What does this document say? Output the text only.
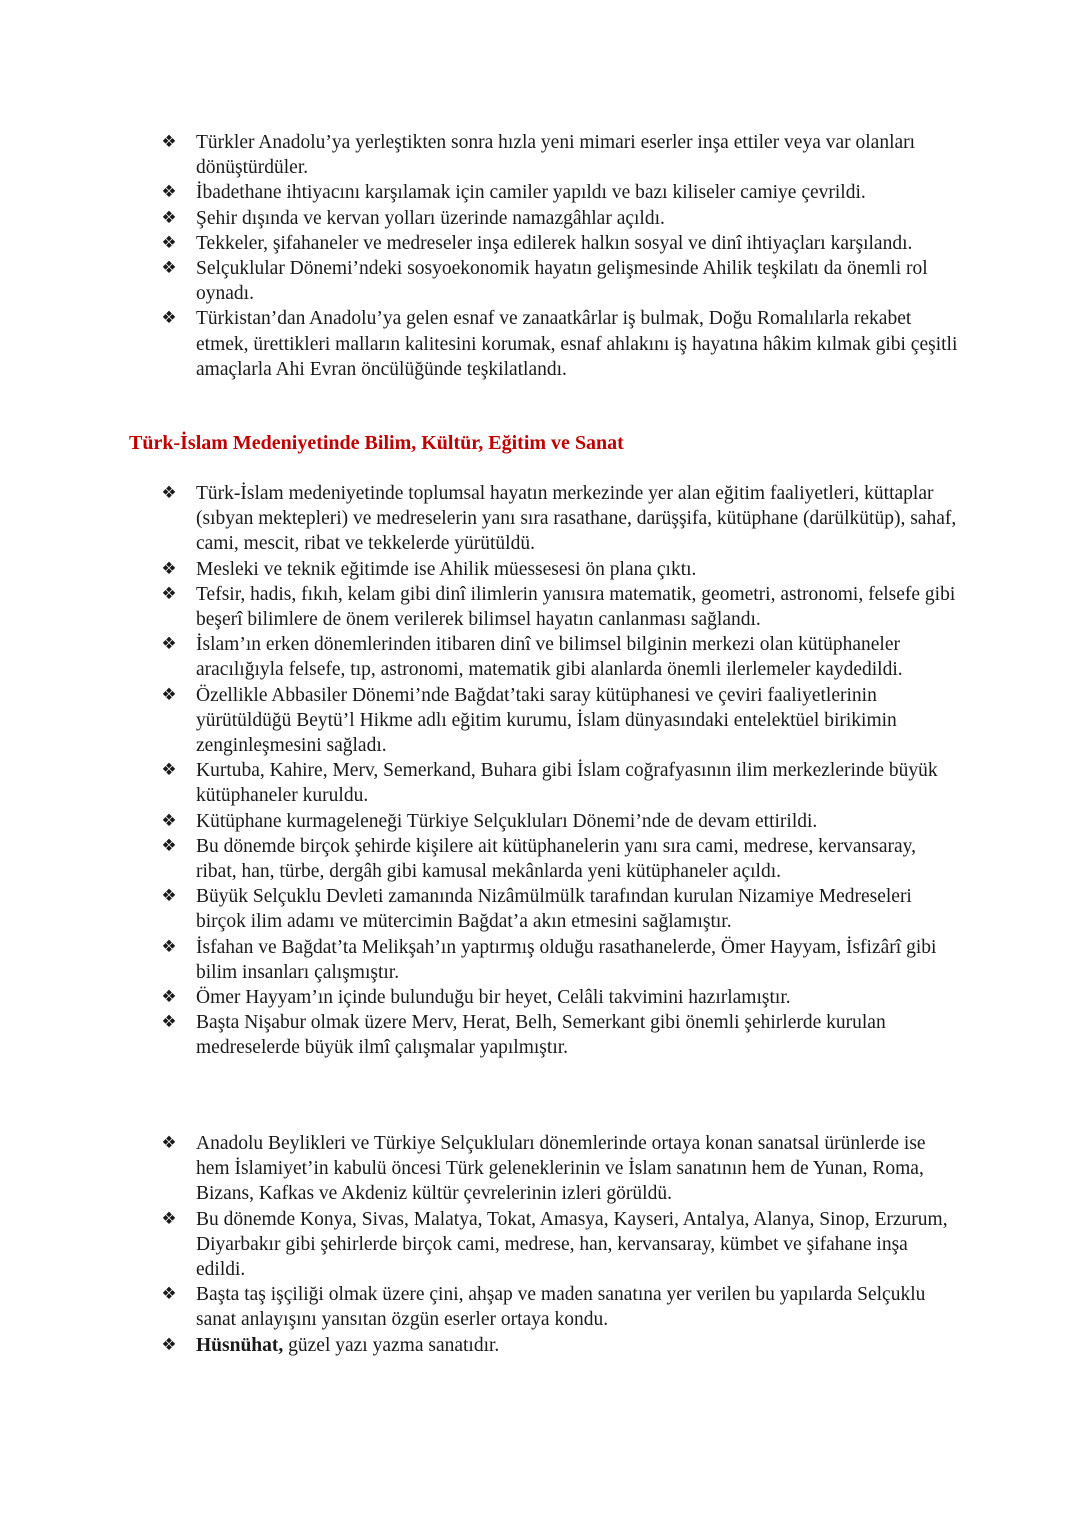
❖ Türkler Anadolu’ya yerleştikten sonra hızla yeni mimari eserler inşa ettiler veya var olanları dönüştürdüler.
❖ İbadethane ihtiyacını karşılamak için camiler yapıldı ve bazı kiliseler camiye çevrildi.
❖ Şehir dışında ve kervan yolları üzerinde namazgâhlar açıldı.
❖ Tekkeler, şifahaneler ve medreseler inşa edilerek halkın sosyal ve dinî ihtiyaçları karşılandı.
❖ Selçuklular Dönemi’ndeki sosyoekonomik hayatın gelişmesinde Ahilik teşkilatı da önemli rol oynadı.
❖ Türkistan’dan Anadolu’ya gelen esnaf ve zanaatkârlar iş bulmak, Doğu Romalılarla rekabet etmek, ürettikleri malların kalitesini korumak, esnaf ahlakını iş hayatına hâkim kılmak gibi çeşitli amaçlarla Ahi Evran öncülüğünde teşkilatlandı.
Türk-İslam Medeniyetinde Bilim, Kültür, Eğitim ve Sanat
❖ Türk-İslam medeniyetinde toplumsal hayatın merkezinde yer alan eğitim faaliyetleri, küttaplar (sıbyan mektepleri) ve medreselerin yanı sıra rasathane, darüşşifa, kütüphane (darülkütüp), sahaf, cami, mescit, ribat ve tekkelerde yürütüldü.
❖ Mesleki ve teknik eğitimde ise Ahilik müessesesi ön plana çıktı.
❖ Tefsir, hadis, fıkıh, kelam gibi dinî ilimlerin yanısıra matematik, geometri, astronomi, felsefe gibi beşerî bilimlere de önem verilerek bilimsel hayatın canlanması sağlandı.
❖ İslam’ın erken dönemlerinden itibaren dinî ve bilimsel bilginin merkezi olan kütüphaneler aracılığıyla felsefe, tıp, astronomi, matematik gibi alanlarda önemli ilerlemeler kaydedildi.
❖ Özellikle Abbasiler Dönemi’nde Bağdat’taki saray kütüphanesi ve çeviri faaliyetlerinin yürütüldüğü Beytü’l Hikme adlı eğitim kurumu, İslam dünyasındaki entelektüel birikimin zenginleşmesini sağladı.
❖ Kurtuba, Kahire, Merv, Semerkand, Buhara gibi İslam coğrafyasının ilim merkezlerinde büyük kütüphaneler kuruldu.
❖ Kütüphane kurmageleneği Türkiye Selçukluları Dönemi’nde de devam ettirildi.
❖ Bu dönemde birçok şehirde kişilere ait kütüphanelerin yanı sıra cami, medrese, kervansaray, ribat, han, türbe, dergâh gibi kamusal mekânlarda yeni kütüphaneler açıldı.
❖ Büyük Selçuklu Devleti zamanında Nizâmülmülk tarafından kurulan Nizamiye Medreseleri birçok ilim adamı ve mütercimin Bağdat’a akın etmesini sağlamıştır.
❖ İsfahan ve Bağdat’ta Melikşah’ın yaptırmış olduğu rasathanelerde, Ömer Hayyam, İsfizârî gibi bilim insanları çalışmıştır.
❖ Ömer Hayyam’ın içinde bulunduğu bir heyet, Celâli takvimini hazırlamıştır.
❖ Başta Nişabur olmak üzere Merv, Herat, Belh, Semerkant gibi önemli şehirlerde kurulan medreselerde büyük ilmî çalışmalar yapılmıştır.
❖ Anadolu Beylikleri ve Türkiye Selçukluları dönemlerinde ortaya konan sanatsal ürünlerde ise hem İslamiyet’in kabulü öncesi Türk geleneklerinin ve İslam sanatının hem de Yunan, Roma, Bizans, Kafkas ve Akdeniz kültür çevrelerinin izleri görüldü.
❖ Bu dönemde Konya, Sivas, Malatya, Tokat, Amasya, Kayseri, Antalya, Alanya, Sinop, Erzurum, Diyarbakır gibi şehirlerde birçok cami, medrese, han, kervansaray, kümbet ve şifahane inşa edildi.
❖ Başta taş işçiliği olmak üzere çini, ahşap ve maden sanatına yer verilen bu yapılarda Selçuklu sanat anlayışını yansıtan özgün eserler ortaya kondu.
❖ Hüsnühat, güzel yazı yazma sanatıdır.
